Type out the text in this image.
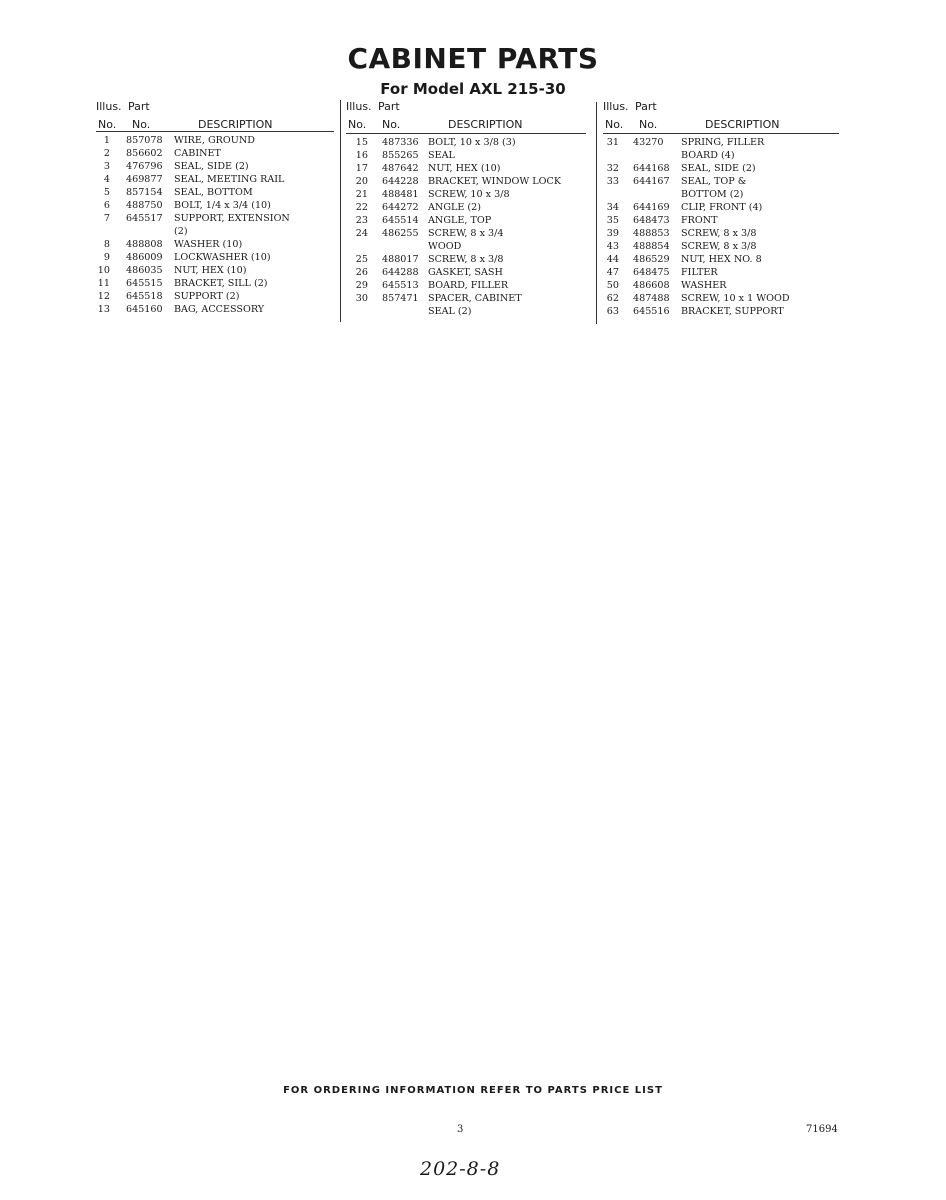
CABINET PARTS
For Model AXL 215-30
Illus. Part
No. No.	DESCRIPTION
1 857078 WIRE, GROUND
2 856602 CABINET
3 476796 SEAL, SIDE (2)
4 469877 SEAL, MEETING RAIL
5 857154 SEAL, BOTTOM
6 488750 BOLT, 1/4 x 3/4 (10)
7 645517 SUPPORT, EXTENSION
(2)
8 488808 WASHER (10)
9 486009 LOCKWASHER (10)
10 486035 NUT, HEX (10)
11 645515 BRACKET, SILL (2)
12 645518 SUPPORT (2)
13 645160 BAG, ACCESSORY
Illus. Part
No. No.	DESCRIPTION
15 487336 BOLT, 10 x 3/8 (3)
16 855265 SEAL
17 487642 NUT, HEX (10)
20 644228 BRACKET, WINDOW LOCK
21 488481 SCREW, 10 x 3/8
22 644272 ANGLE (2)
23 645514 ANGLE, TOP
24 486255 SCREW, 8 x 3/4
WOOD
25 488017 SCREW, 8 x 3/8
26 644288 GASKET, SASH
29 645513 BOARD, FILLER
30 857471 SPACER, CABINET
SEAL (2)
Illus. Part
No. No.	DESCRIPTION
31 43270 SPRING, FILLER
BOARD (4)
32 644168 SEAL, SIDE (2)
33 644167 SEAL, TOP &
BOTTOM (2)
34 644169 CLIP, FRONT (4)
35 648473 FRONT
39 488853 SCREW, 8 x 3/8
43 488854 SCREW, 8 x 3/8
44 486529 NUT, HEX NO. 8
47 648475 FILTER
50 486608 WASHER
62 487488 SCREW, 10 x 1 WOOD
63 645516 BRACKET, SUPPORT
FOR ORDERING INFORMATION REFER TO PARTS PRICE LIST
3	71694
202-8-8
